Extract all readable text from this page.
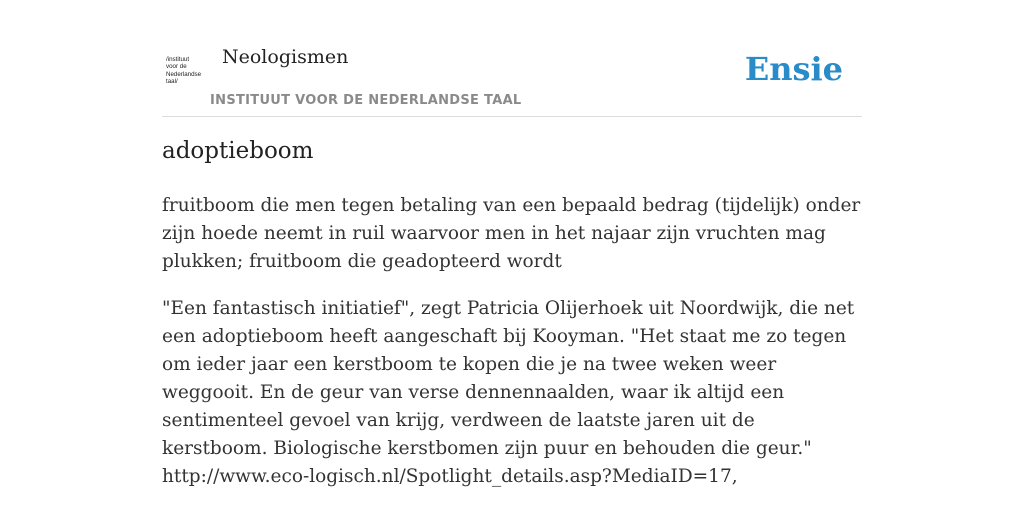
/instituut
voor de
Nederlandse
taal/
Neologismen
INSTITUUT VOOR DE NEDERLANDSE TAAL
Ensie
adoptieboom
fruitboom die men tegen betaling van een bepaald bedrag (tijdelijk) onder zijn hoede neemt in ruil waarvoor men in het najaar zijn vruchten mag plukken; fruitboom die geadopteerd wordt
"Een fantastisch initiatief", zegt Patricia Olijerhoek uit Noordwijk, die net een adoptieboom heeft aangeschaft bij Kooyman. "Het staat me zo tegen om ieder jaar een kerstboom te kopen die je na twee weken weer weggooit. En de geur van verse dennennaalden, waar ik altijd een sentimenteel gevoel van krijg, verdween de laatste jaren uit de kerstboom. Biologische kerstbomen zijn puur en behouden die geur."
http://www.eco-logisch.nl/Spotlight_details.asp?MediaID=17,
